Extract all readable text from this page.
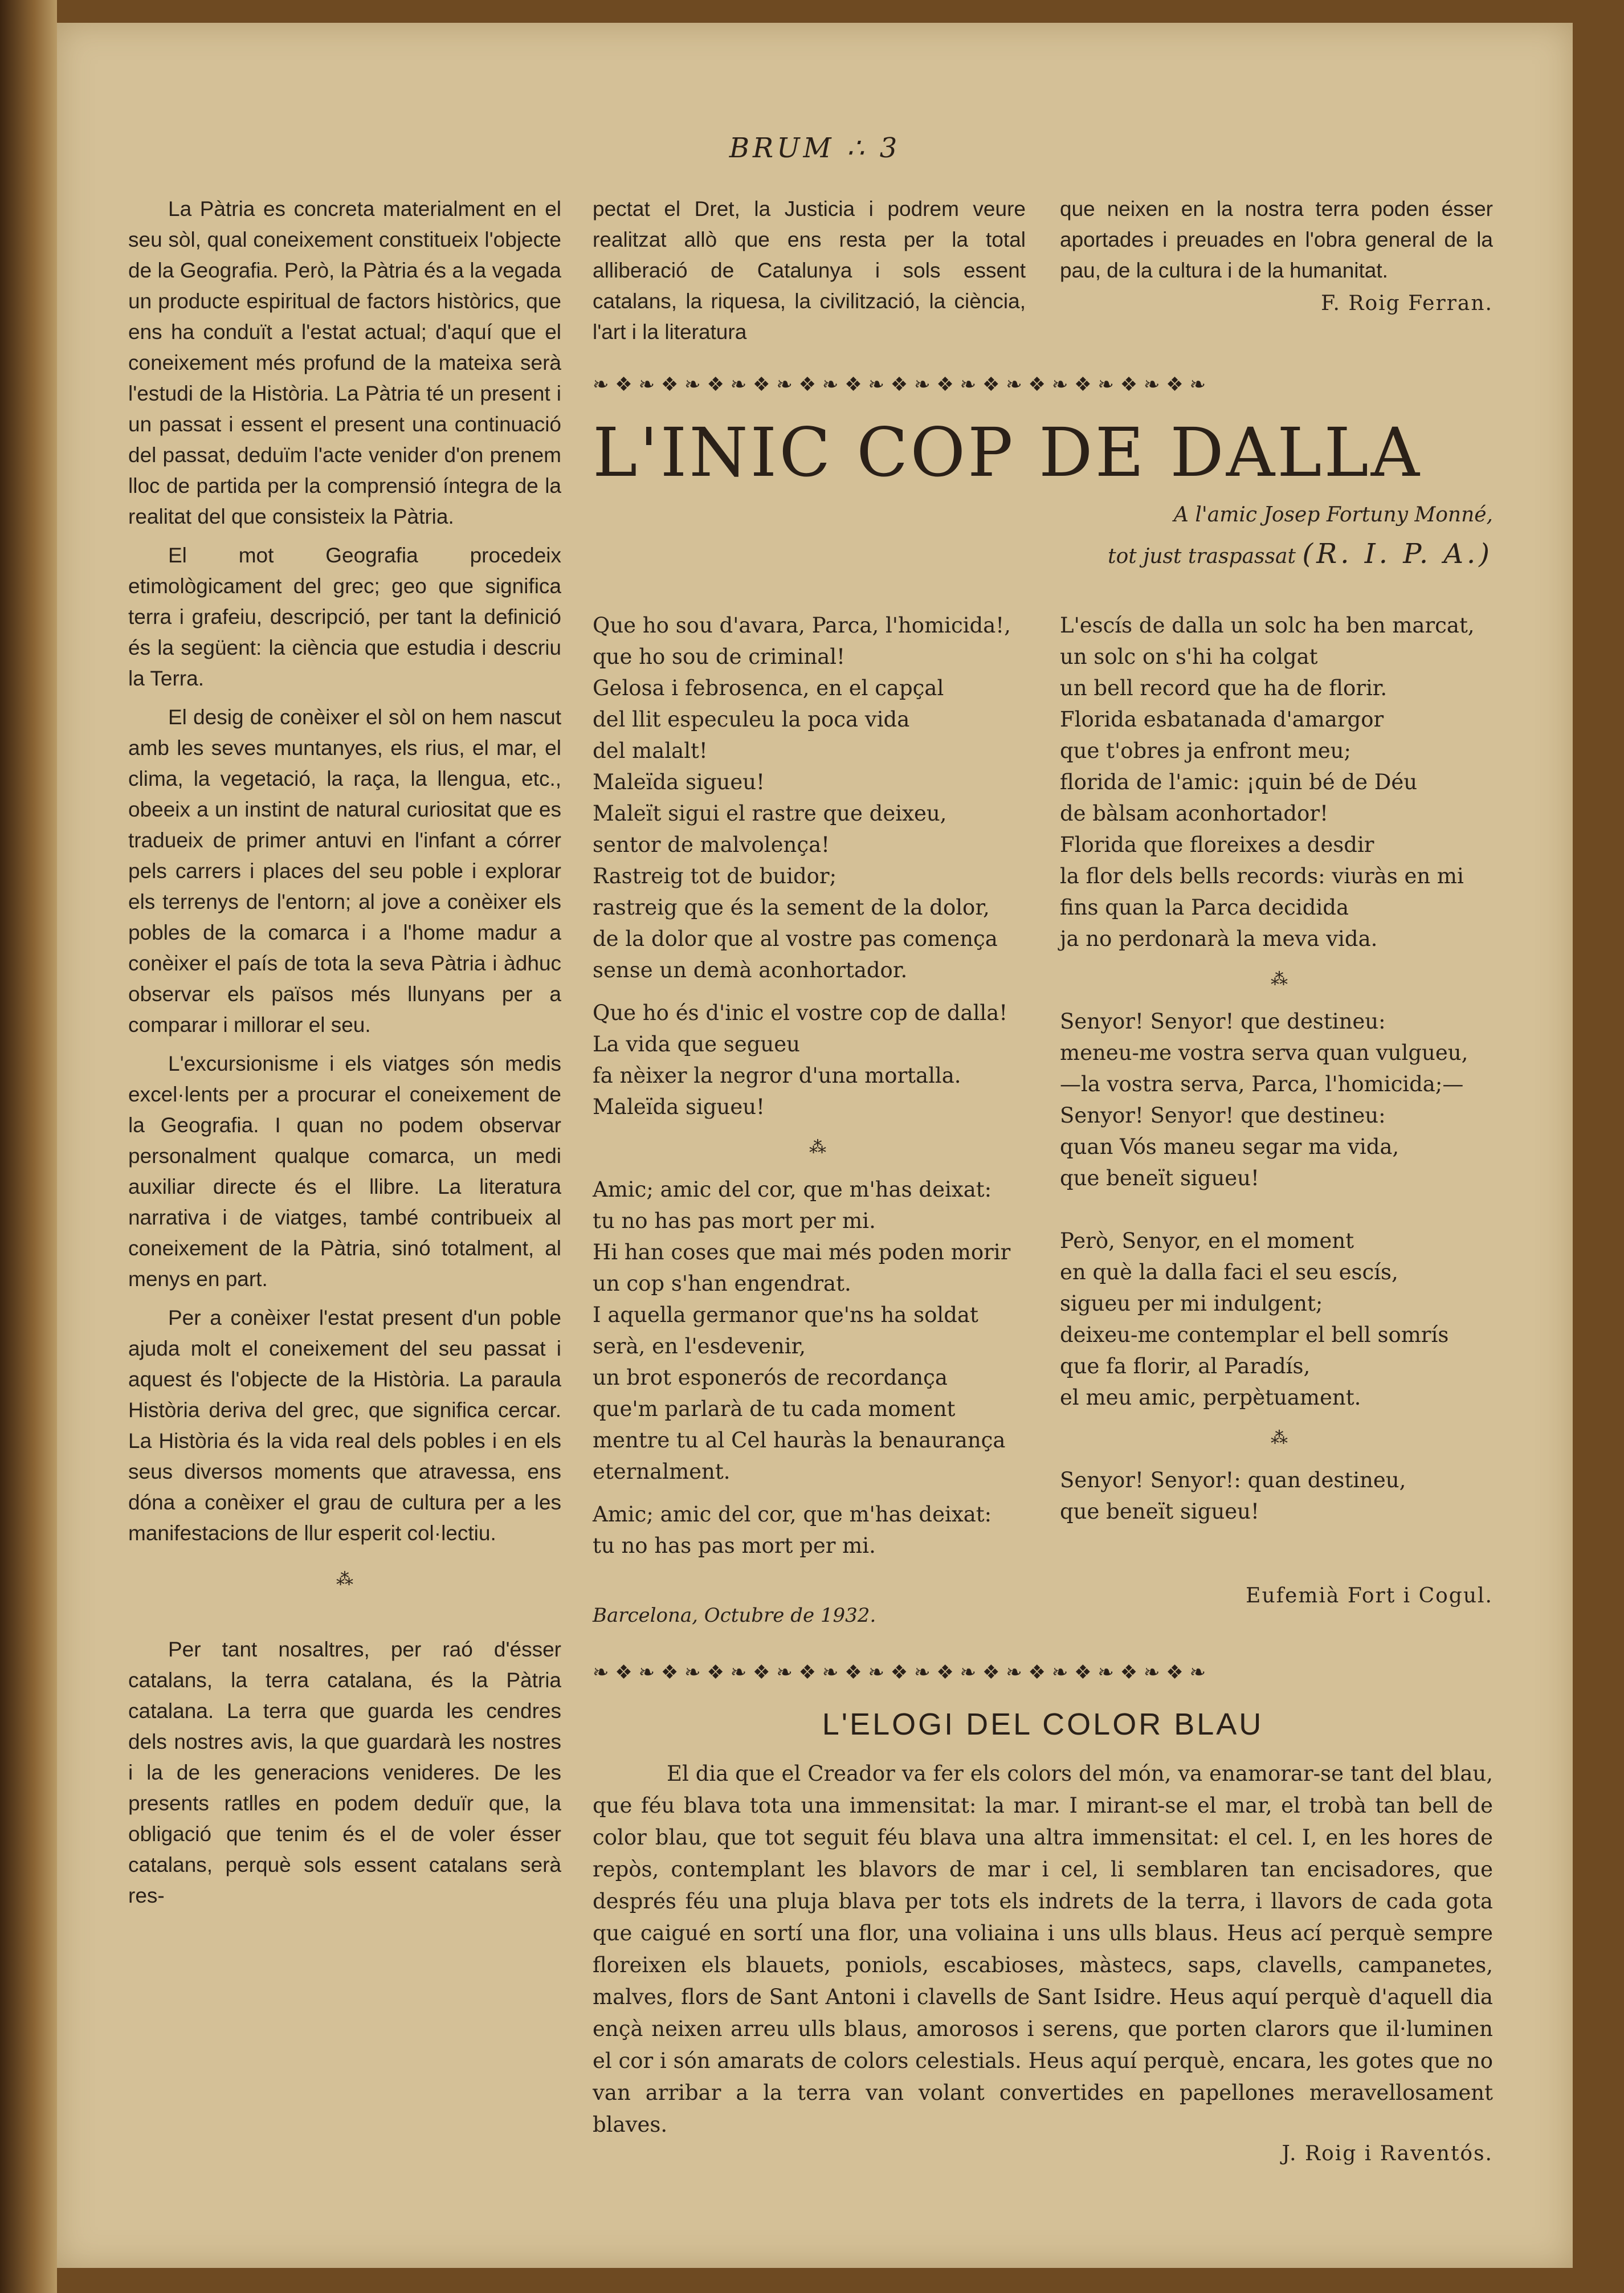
BRUM ∴ 3

La Pàtria es concreta materialment en el seu sòl, qual coneixement constitueix l'objecte de la Geografia. Però, la Pàtria és a la vegada un producte espiritual de factors històrics, que ens ha conduït a l'estat actual; d'aquí que el coneixement més profund de la mateixa serà l'estudi de la Història. La Pàtria té un present i un passat i essent el present una continuació del passat, deduïm l'acte venider d'on prenem lloc de partida per la comprensió íntegra de la realitat del que consisteix la Pàtria.

El mot Geografia procedeix etimològicament del grec; geo que significa terra i grafeiu, descripció, per tant la definició és la següent: la ciència que estudia i descriu la Terra.

El desig de conèixer el sòl on hem nascut amb les seves muntanyes, els rius, el mar, el clima, la vegetació, la raça, la llengua, etc., obeeix a un instint de natural curiositat que es tradueix de primer antuvi en l'infant a córrer pels carrers i places del seu poble i explorar els terrenys de l'entorn; al jove a conèixer els pobles de la comarca i a l'home madur a conèixer el país de tota la seva Pàtria i àdhuc observar els països més llunyans per a comparar i millorar el seu.

L'excursionisme i els viatges són medis excel·lents per a procurar el coneixement de la Geografia. I quan no podem observar personalment qualque comarca, un medi auxiliar directe és el llibre. La literatura narrativa i de viatges, també contribueix al coneixement de la Pàtria, sinó totalment, al menys en part.

Per a conèixer l'estat present d'un poble ajuda molt el coneixement del seu passat i aquest és l'objecte de la Història. La paraula Història deriva del grec, que significa cercar. La Història és la vida real dels pobles i en els seus diversos moments que atravessa, ens dóna a conèixer el grau de cultura per a les manifestacions de llur esperit col·lectiu.

⁂

Per tant nosaltres, per raó d'ésser catalans, la terra catalana, és la Pàtria catalana. La terra que guarda les cendres dels nostres avis, la que guardarà les nostres i la de les generacions venideres. De les presents ratlles en podem deduïr que, la obligació que tenim és el de voler ésser catalans, perquè sols essent catalans serà res-

pectat el Dret, la Justicia i podrem veure realitzat allò que ens resta per la total alliberació de Catalunya i sols essent catalans, la riquesa, la civilització, la ciència, l'art i la literatura

que neixen en la nostra terra poden ésser aportades i preuades en l'obra general de la pau, de la cultura i de la humanitat.

F. Roig Ferran.
❧ ❖ ❧ ❖ ❧ ❖ ❧ ❖ ❧ ❖ ❧ ❖ ❧ ❖ ❧ ❖ ❧ ❖ ❧ ❖ ❧ ❖ ❧ ❖ ❧ ❖ ❧
L'INIC COP DE DALLA
A l'amic Josep Fortuny Monné,
tot just traspassat (R. I. P. A.)
Que ho sou d'avara, Parca, l'homicida!,
que ho sou de criminal!
Gelosa i febrosenca, en el capçal
del llit especuleu la poca vida
del malalt!
Maleïda sigueu!
Maleït sigui el rastre que deixeu,
sentor de malvolença!
Rastreig tot de buidor;
rastreig que és la sement de la dolor,
de la dolor que al vostre pas comença
sense un demà aconhortador.
Que ho és d'inic el vostre cop de dalla!
La vida que segueu
fa nèixer la negror d'una mortalla.
Maleïda sigueu!
⁂
Amic; amic del cor, que m'has deixat:
tu no has pas mort per mi.
Hi han coses que mai més poden morir
un cop s'han engendrat.
I aquella germanor que'ns ha soldat
serà, en l'esdevenir,
un brot esponerós de recordança
que'm parlarà de tu cada moment
mentre tu al Cel hauràs la benaurança
eternalment.
Amic; amic del cor, que m'has deixat:
tu no has pas mort per mi.
L'escís de dalla un solc ha ben marcat,
un solc on s'hi ha colgat
un bell record que ha de florir.
Florida esbatanada d'amargor
que t'obres ja enfront meu;
florida de l'amic: ¡quin bé de Déu
de bàlsam aconhortador!
Florida que floreixes a desdir
la flor dels bells records: viuràs en mi
fins quan la Parca decidida
ja no perdonarà la meva vida.
⁂
Senyor! Senyor! que destineu:
meneu-me vostra serva quan vulgueu,
—la vostra serva, Parca, l'homicida;—
Senyor! Senyor! que destineu:
quan Vós maneu segar ma vida,
que beneït sigueu!
Però, Senyor, en el moment
en què la dalla faci el seu escís,
sigueu per mi indulgent;
deixeu-me contemplar el bell somrís
que fa florir, al Paradís,
el meu amic, perpètuament.
⁂
Senyor! Senyor!: quan destineu,
que beneït sigueu!
Eufemià Fort i Cogul.
Barcelona, Octubre de 1932.
❧ ❖ ❧ ❖ ❧ ❖ ❧ ❖ ❧ ❖ ❧ ❖ ❧ ❖ ❧ ❖ ❧ ❖ ❧ ❖ ❧ ❖ ❧ ❖ ❧ ❖ ❧
L'ELOGI DEL COLOR BLAU

El dia que el Creador va fer els colors del món, va enamorar-se tant del blau, que féu blava tota una immensitat: la mar. I mirant-se el mar, el trobà tan bell de color blau, que tot seguit féu blava una altra immensitat: el cel. I, en les hores de repòs, contemplant les blavors de mar i cel, li semblaren tan encisadores, que després féu una pluja blava per tots els indrets de la terra, i llavors de cada gota que caigué en sortí una flor, una voliaina i uns ulls blaus. Heus ací perquè sempre floreixen els blauets, poniols, escabioses, màstecs, saps, clavells, campanetes, malves, flors de Sant Antoni i clavells de Sant Isidre. Heus aquí perquè d'aquell dia ençà neixen arreu ulls blaus, amorosos i serens, que porten clarors que il·luminen el cor i són amarats de colors celestials. Heus aquí perquè, encara, les gotes que no van arribar a la terra van volant convertides en papellones meravellosament blaves.

J. Roig i Raventós.
